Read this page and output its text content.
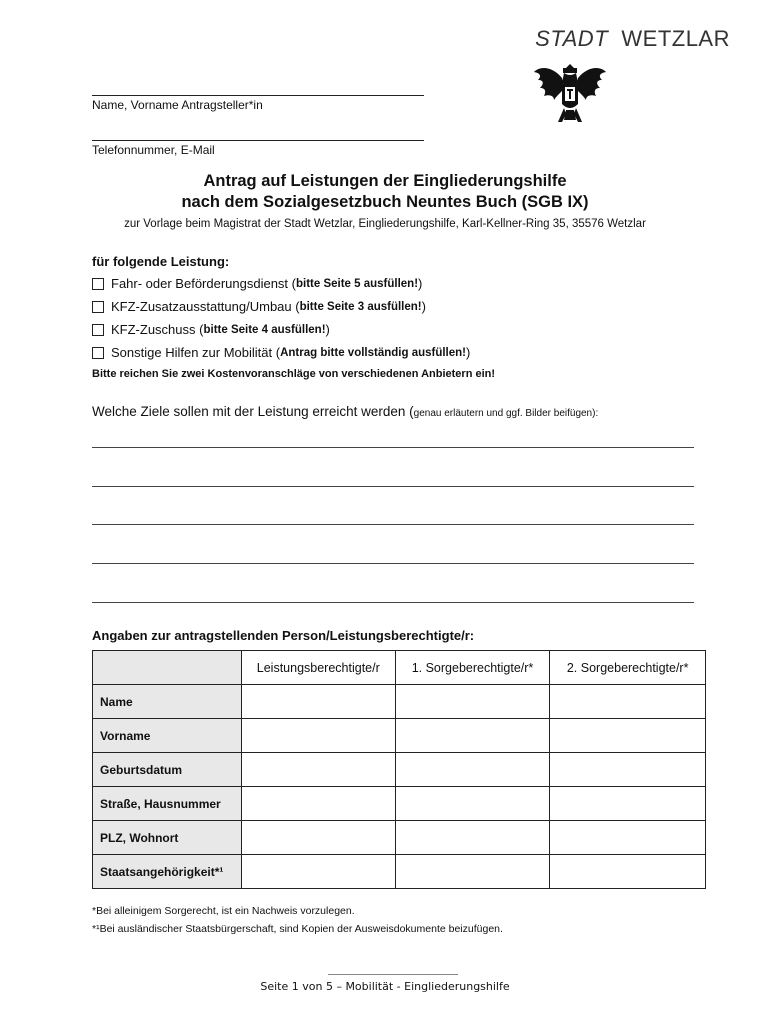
STADT WETZLAR
Name, Vorname Antragsteller*in
Telefonnummer, E-Mail
Antrag auf Leistungen der Eingliederungshilfe
nach dem Sozialgesetzbuch Neuntes Buch (SGB IX)
zur Vorlage beim Magistrat der Stadt Wetzlar, Eingliederungshilfe, Karl-Kellner-Ring 35, 35576 Wetzlar
für folgende Leistung:
Fahr- oder Beförderungsdienst ( bitte Seite 5 ausfüllen! )
KFZ-Zusatzausstattung/Umbau ( bitte Seite 3 ausfüllen! )
KFZ-Zuschuss ( bitte Seite 4 ausfüllen! )
Sonstige Hilfen zur Mobilität ( Antrag bitte vollständig ausfüllen! )
Bitte reichen Sie zwei Kostenvoranschläge von verschiedenen Anbietern ein!
Welche Ziele sollen mit der Leistung erreicht werden (genau erläutern und ggf. Bilder beifügen):
Angaben zur antragstellenden Person/Leistungsberechtigte/r:
	Leistungsberechtigte/r	1. Sorgeberechtigte/r*	2. Sorgeberechtigte/r*
Name			
Vorname			
Geburtsdatum			
Straße, Hausnummer			
PLZ, Wohnort			
Staatsangehörigkeit*¹			
*Bei alleinigem Sorgerecht, ist ein Nachweis vorzulegen.
*¹Bei ausländischer Staatsbürgerschaft, sind Kopien der Ausweisdokumente beizufügen.
Seite 1 von 5 – Mobilität - Eingliederungshilfe
